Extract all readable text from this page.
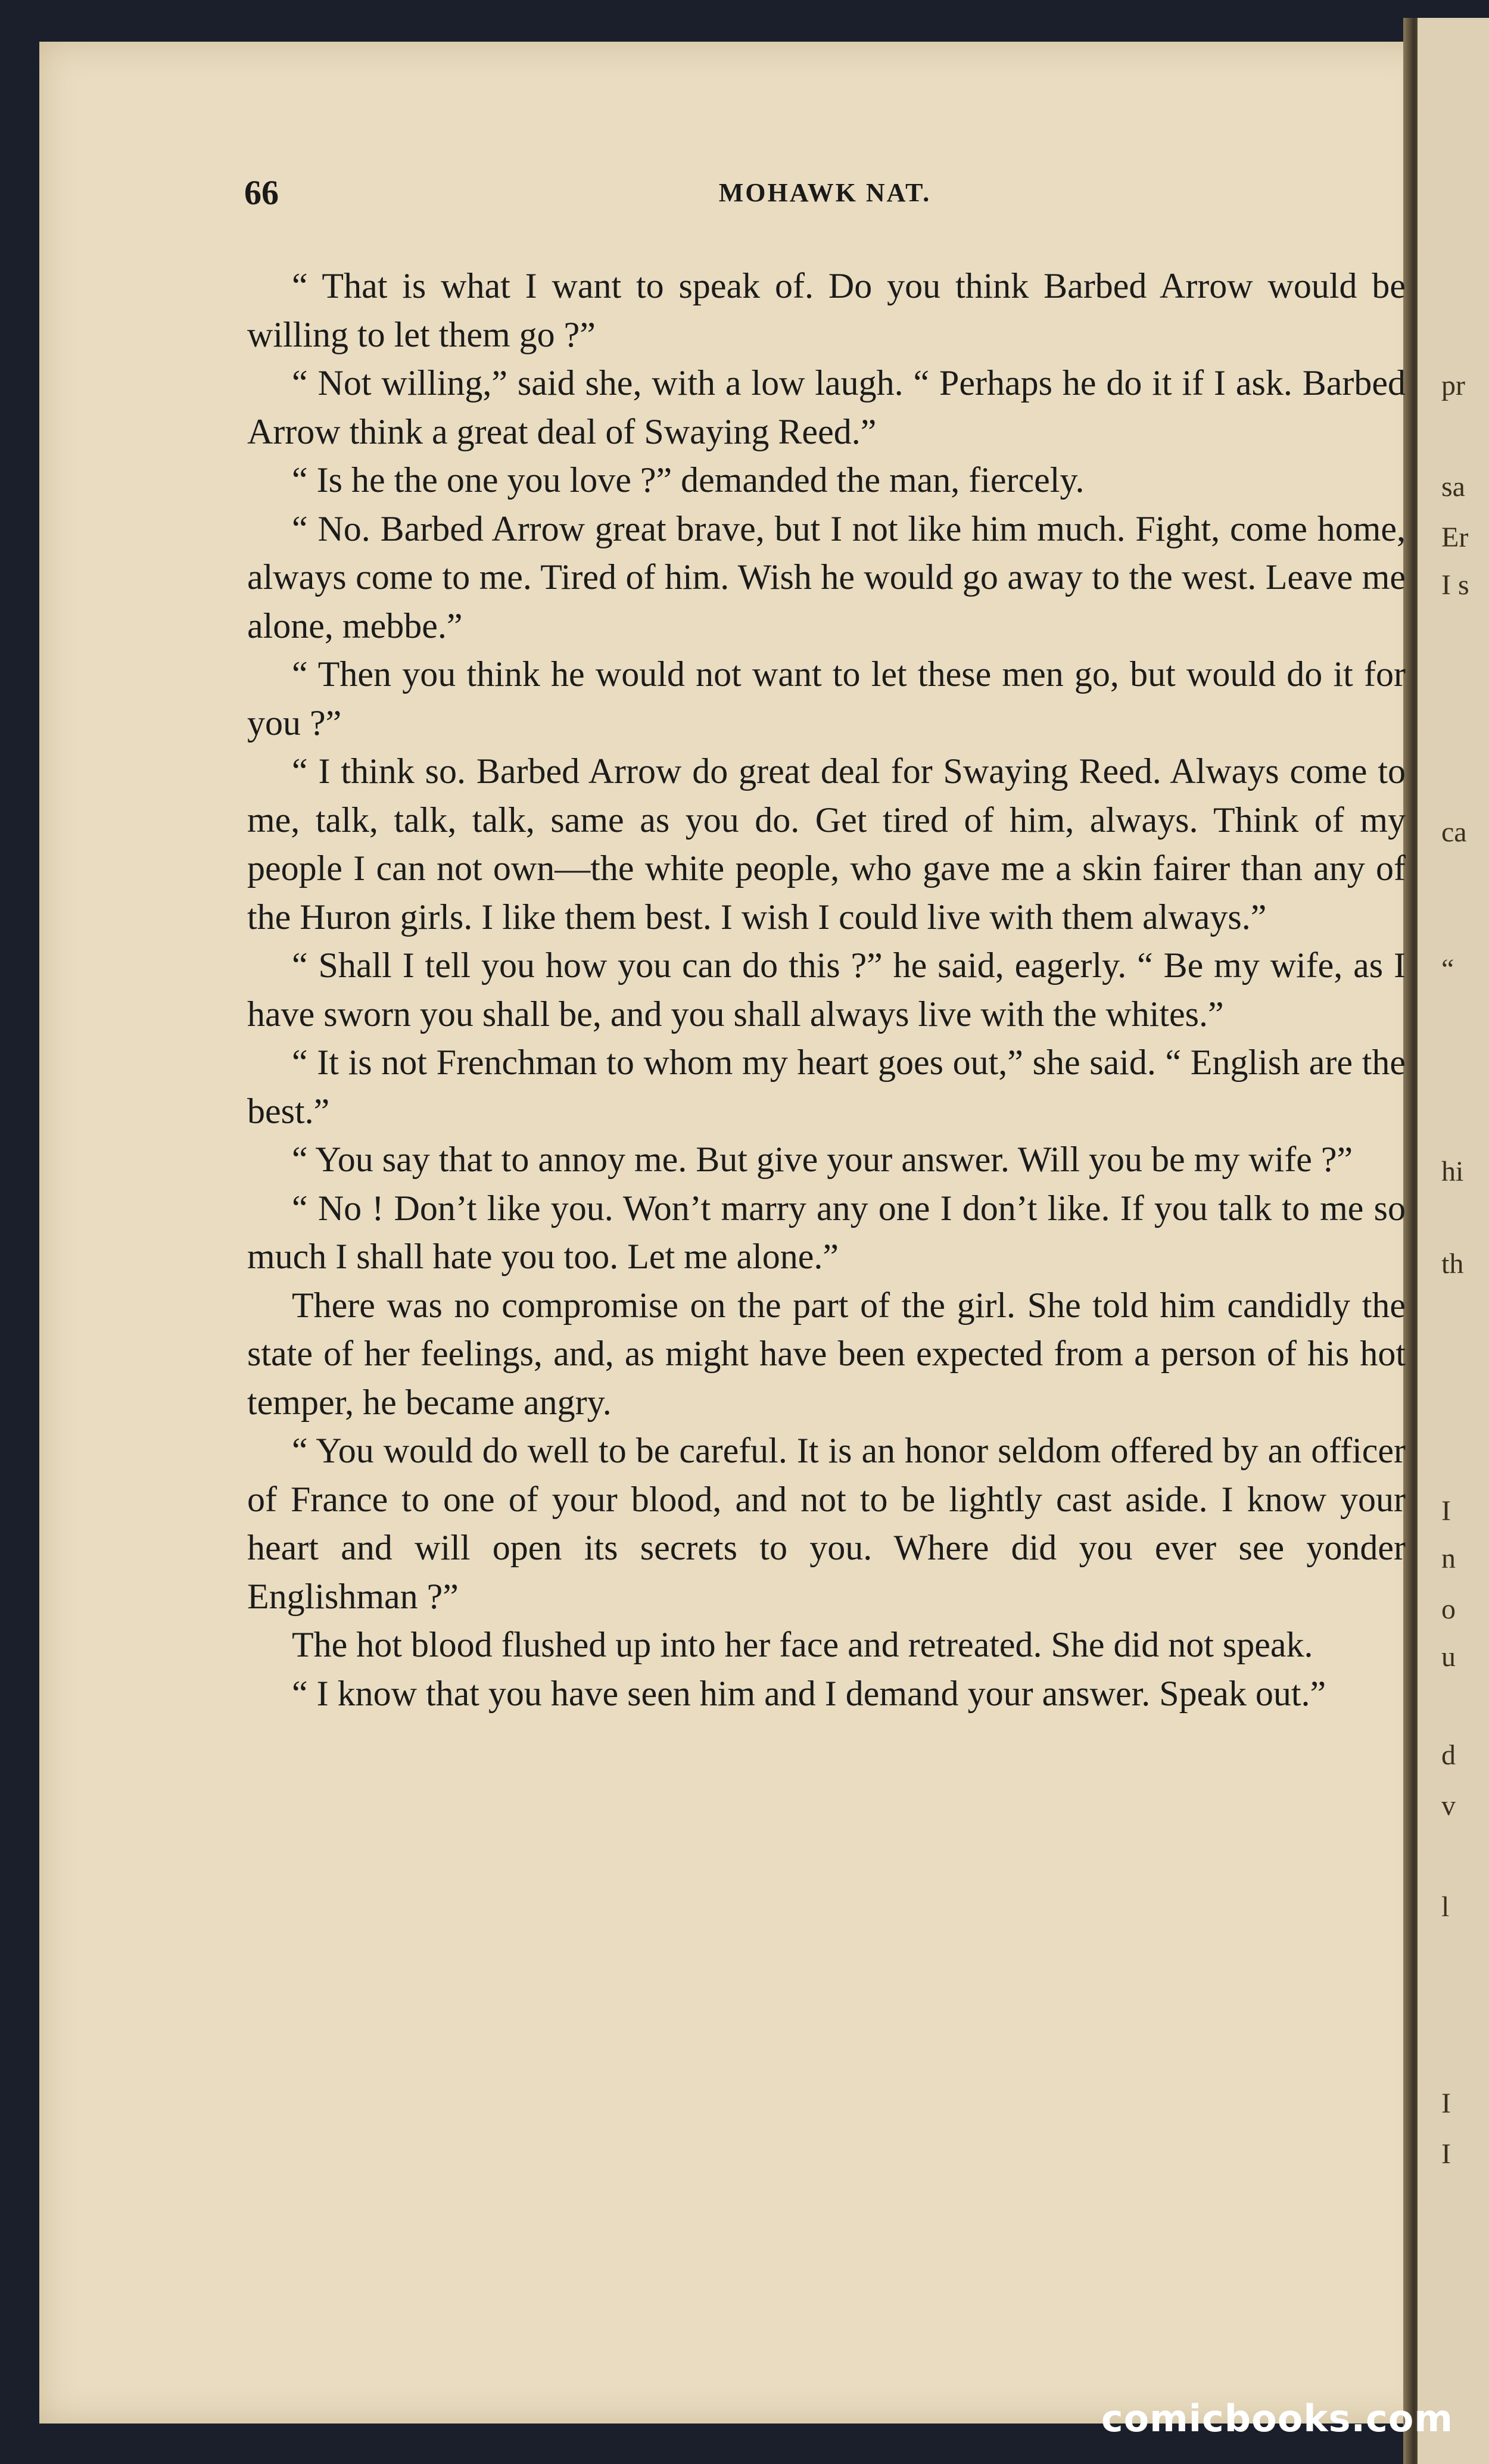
pr
sa
Er
I s
ca
“
hi
th
I
n
o
u
d
v
l
I
I
66	MOHAWK NAT.

“ That is what I want to speak of. Do you think Barbed Arrow would be willing to let them go ?”

“ Not willing,” said she, with a low laugh. “ Perhaps he do it if I ask. Barbed Arrow think a great deal of Swaying Reed.”

“ Is he the one you love ?” demanded the man, fiercely.

“ No. Barbed Arrow great brave, but I not like him much. Fight, come home, always come to me. Tired of him. Wish he would go away to the west. Leave me alone, mebbe.”

“ Then you think he would not want to let these men go, but would do it for you ?”

“ I think so. Barbed Arrow do great deal for Swaying Reed. Always come to me, talk, talk, talk, same as you do. Get tired of him, always. Think of my people I can not own—the white people, who gave me a skin fairer than any of the Huron girls. I like them best. I wish I could live with them always.”

“ Shall I tell you how you can do this ?” he said, eagerly. “ Be my wife, as I have sworn you shall be, and you shall always live with the whites.”

“ It is not Frenchman to whom my heart goes out,” she said. “ English are the best.”

“ You say that to annoy me. But give your answer. Will you be my wife ?”

“ No ! Don’t like you. Won’t marry any one I don’t like. If you talk to me so much I shall hate you too. Let me alone.”

There was no compromise on the part of the girl. She told him candidly the state of her feelings, and, as might have been expected from a person of his hot temper, he became angry.

“ You would do well to be careful. It is an honor seldom offered by an officer of France to one of your blood, and not to be lightly cast aside. I know your heart and will open its secrets to you. Where did you ever see yonder Englishman ?”

The hot blood flushed up into her face and retreated. She did not speak.

“ I know that you have seen him and I demand your answer. Speak out.”

comicbooks.com
